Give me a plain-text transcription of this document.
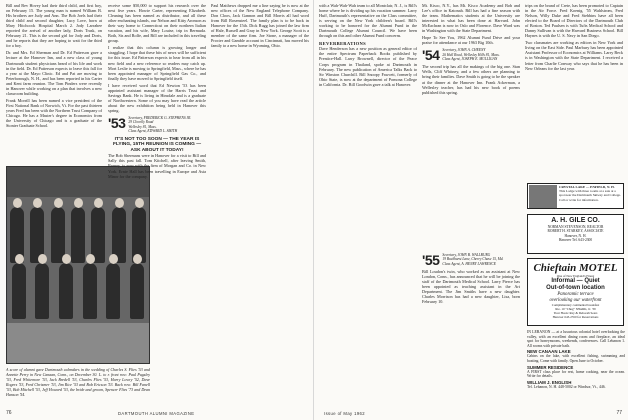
Bill and Bev Hovey had their third child, and first boy, on February 15. The young man is named William B. His brothers are Judy and Ann. The Bob Joels had their third child and second daughter, Lucy Love, born at Mary Hitchcock Hospital March 2. Jody Larrabee reported the arrival of another lady, Doris Trask, on February 21. This is the second girl for Jody and Doris, and he reports that they are hoping to wait for the third for a boy.

Dr. and Mrs. Ed Sherman and Dr. Ed Patterson gave a lecture at the Hanover Inn, and a new class of young Dartmouth student physicians heard of his life and work in the field. Dr. Ed Patterson expects to leave this fall for a year at the Mayo Clinic. Ed and Pat are moving to Peterborough, N. H., and has been reported in his Carter and Kent farm reunion. The Tom Pinders were recently in Hanover while working on a plan that involves a new classroom building.

Frank Morrill has been named a vice president of the First National Bank of Norwich, Vt. For the past thirteen years Fred has been with the Northern Trust Company of Chicago. He has a Master's degree in Economics from the University of Chicago and is a graduate of the Stonier Graduate School.

A score of alumni gave Dartmouth calendars in the wedding of Charles S. Flies '53 and Annette Perry in New Canaan, Conn., on December 30. L. to r. front row: Paul Pugsley '53, Fred Whitemore '53, Jack Bredell '53, Charles Flies '53, Harry Lowry '52, Dave Rogers '53, Fred Chrismer '53, Jim Rice '53 and Bob Ericson '53. Back row: Bill Fanell '53, Bob Mitchell '53, Jeff Howard '53, the bride and groom, Spencer Flies '73 and Dean Hanson '54.

receive some $50,000 to support his research over the next five years. Howie Carter, representing Elizabeth. Cleaning has been named as distributor, and all these other enchanting islands, our Nelson and Kitty Aronson as their way home to Connecticut on their northern Italian vacation, and his wife, Mary Louise, trip in Bermuda. Both, Sis and Rolfe, and Bill are included in this traveling group.

I realize that this column is growing longer and straggling. I hope that these bits of news will be sufficient for this issue. Ed Patterson expects to hear from all in his new field and a new reference so readers may catch up. Mort Leslie is moving to Springfield, Mass., where he has been appointed manager of Springfield Gas Co., and finally they have moved to Springfield itself.

I have received word that Ed Newton '53 has been appointed assistant manager of the Harris Trust and Savings Bank. He is living in Hinsdale and is a graduate of Northwestern. Some of you may have read the article about the new exhibition being held in Hanover this spring.

'53 Secretary, FREDERICK G. STEPHENS JR.
29 Clovelly Road
Wellesley 81, Mass.
Class Agent, EDWARD L. SMITH

IT'S NOT TOO SOON — THE YEAR IS FLYING, 15TH REUNION IS COMING — ASK ABOUT IT TODAY!

The Bob Shermans were in Hanover for a visit to Bill and Sally this past fall. Tom Kitchell, after leaving Smith, Barney, is now with the firm of Morgan and Co. in New York. Ernie Hall has been travelling in Europe and Asia Minor for the company.

Paul Matthews dropped me a line saying he is now at the new offices of the New England Telephone Company. Don Cloos, Jack Gannon and Bill Morris all had word from Bill Rosensteel. The family plan is to be back in Hanover for the 15th. Dick Rugg has joined the law firm of Hale, Russell and Gray in New York. George Scott is a member of the same firm. Joe Stone, a manager of the Procter and Gamble account in Cincinnati, has moved his family to a new home in Wyoming, Ohio.

76	DARTMOUTH ALUMNI MAGAZINE

with a Wah-Wah-Wah team to all Montclair, N. J., is Bill's home where he is dividing up his vacation summer. Larry Huff, Dartmouth's representative on the Class committee, is serving on the New York children's board. Bill's working to be honored for the Alumni Fund in the Dartmouth College Alumni Council. We have been through on this and other Alumni Fund concerns.

REVERBERATIONS

Dave Henderson has a new position as general editor of the entire Spectrum Paperback Books published by Prentice-Hall. Larry Brownell, director of the Peace Corps program in Thailand, spoke at Dartmouth in February. The new publication of America Talks Back to Sir Winston Churchill. Bill Snoopy Fawcett, formerly of Ohio State, is now at the department of Pomona College in California. Dr. Bill Goodwin gave a talk at Hanover.

Mt. Kisco, N.Y., has Mt. Kisco Academy and Bob and Lee's office in Katonah. Bill has had a fine season with the team. Mathematics students at the University are interested in what has been done at Harvard. John McEachran is now in Oslo and Florence. Dave Ward was in Washington with the State Department.

Hope To See You, 1962 Alumni Fund Drive and your praise for attendance at our 1963 Big 10th.

'54 Secretary, JOHN A. CHEENY
26 Hull Road, Wellesley Hills 81, Mass.
Class Agent, JOSEPH E. MULLIGAN

The second trip has all the makings of the big one. Stan Wells, Cliff Whitney, and a few others are planning to bring their families. Dave Smith is going to be the speaker at the dinner at the Hanover Inn. Frank Ackerman, a Wellesley teacher, has had his new book of poems published this spring.

trips on the brand of Crete, has been promoted to Captain in the Air Force. Fred Koenig, '55 Wahlstrom, Fred Nelson, Willy Duke and Fred Stebbins have all been elected to the Board of Directors of the Dartmouth Club of Boston. Ted Paulsen is with Tufts Medical School and Danny Sullivan is with the Harvard Business School. Bill Haynes is with the U. S. Navy in San Diego.

Two classmates are working as editors in New York and living on the East Side. Paul Marbury has been appointed Assistant Professor of Economics at Williams. Larry Beck is in Washington with the State Department. I received a letter from Charlie Conway who says that he has been in New Orleans for the last year.

'55 Secretary, JOHN B. WALLBURG
19 Buckhurst Lane, Cherry Chase 15, Md.
Class Agent, A. HENRY LAWRENCE

Bill Loudon's twin, who worked as an assistant at New London, Conn., has announced that he will be joining the staff of the Dartmouth Medical School. Larry Pierce has been appointed as teaching assistant in the Art Department. The Jim Smiths have a new daughter. Charles Morrison has had a new daughter, Lisa, born February 10.

CRYSTAL LAKE — ENFIELD, N. H.
This Lodge with three rooms at a sale at a spot near the Dartmouth Skiway and College. Call or write for information.
A. H. GILE CO.
NORMAN STEVENSON, REALTOR
ROBERT H. STARKEY, ASSOCIATE
Hanover, N. H.
Hanover Tel. 643-2300
Chieftain MOTEL
One of New England's Finest
Informal — Quiet
Out-of-town location
Panoramic terrace
overlooking our waterfront
Complimentary continental breakfast
Rte. 10 "Chug" SHARK, Jr. '39
Your Hosts: Ray & Deborah Sears
Hanover 643-2550 for Reservations

IN LEBANON — at a luxurious colonial hotel overlooking the valley, with an excellent dining room and fireplace, an ideal spot for honeymoons, weekends, conferences. Call Lebanon 1. All rooms with private bath.

NEW CANAAN LAKE

Cabins on the lake, with excellent fishing, swimming and boating. Come with family. Open June to October.

SUMMER RESIDENCE

A FIRST class place for rest, home cooking, near the ocean. Write for details.

WILLIAM J. ENGLISH

Tel. Lebanon, N. H. 448-5002 or Windsor, Vt., 446.

Issue of May 1962	77
